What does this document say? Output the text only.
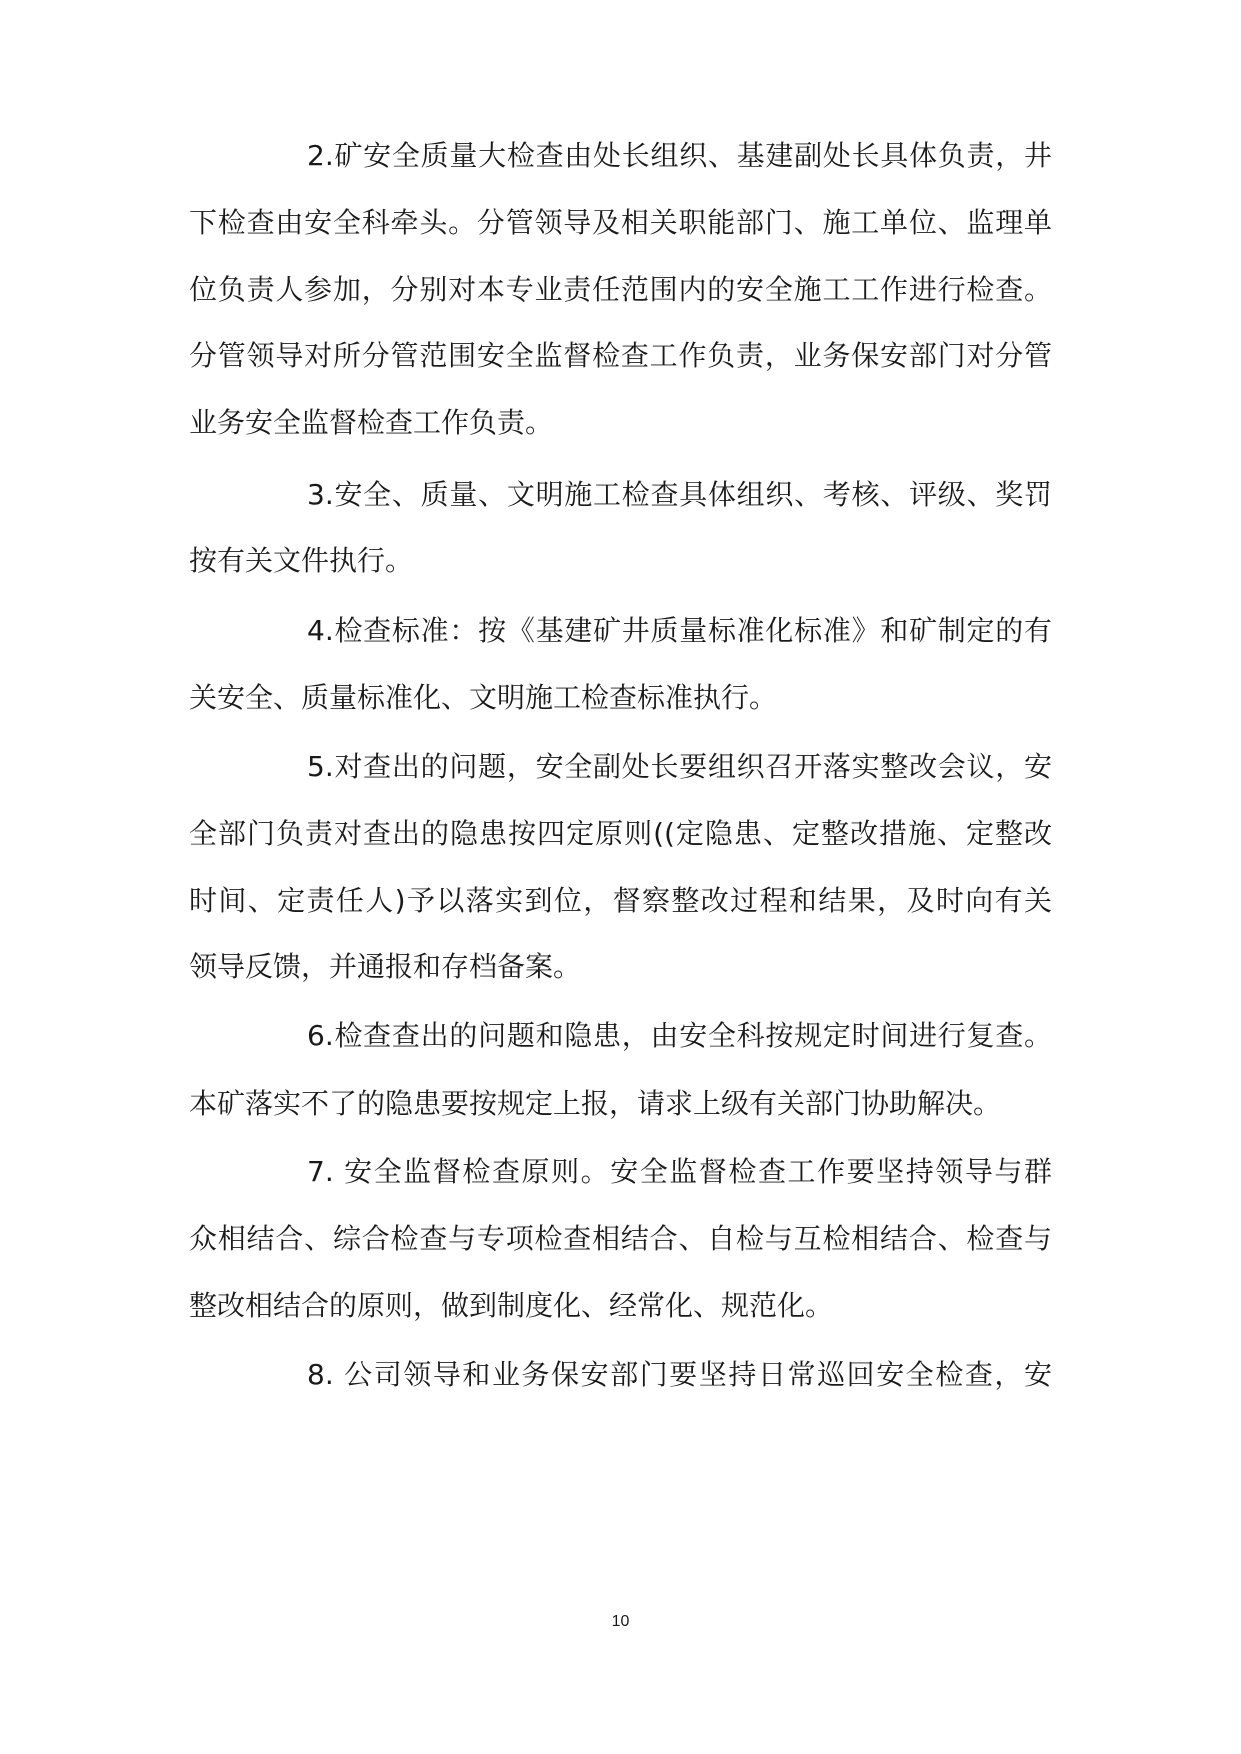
2.矿安全质量大检查由处长组织、基建副处长具体负责，井
下检查由安全科牵头。分管领导及相关职能部门、施工单位、监理单
位负责人参加，分别对本专业责任范围内的安全施工工作进行检查。
分管领导对所分管范围安全监督检查工作负责，业务保安部门对分管
业务安全监督检查工作负责。
3.安全、质量、文明施工检查具体组织、考核、评级、奖罚
按有关文件执行。
4.检查标准：按《基建矿井质量标准化标准》和矿制定的有
关安全、质量标准化、文明施工检查标准执行。
5.对查出的问题，安全副处长要组织召开落实整改会议，安
全部门负责对查出的隐患按四定原则((定隐患、定整改措施、定整改
时间、定责任人)予以落实到位，督察整改过程和结果，及时向有关
领导反馈，并通报和存档备案。
6.检查查出的问题和隐患，由安全科按规定时间进行复查。
本矿落实不了的隐患要按规定上报，请求上级有关部门协助解决。
7. 安全监督检查原则。安全监督检查工作要坚持领导与群
众相结合、综合检查与专项检查相结合、自检与互检相结合、检查与
整改相结合的原则，做到制度化、经常化、规范化。
8. 公司领导和业务保安部门要坚持日常巡回安全检查，安
10
